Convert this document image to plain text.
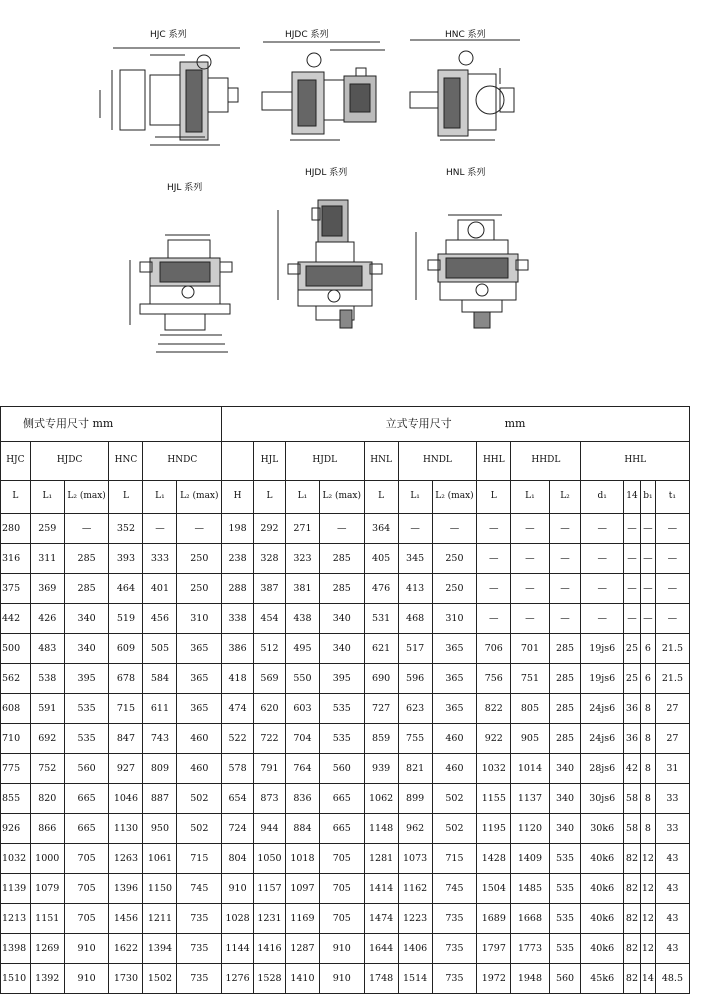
HJC 系列	HJDC 系列	HNC 系列
HJL 系列
HJDL 系列	HNL 系列
侧式专用尺寸 mm						立式专用尺寸 mm													
HJC	HJDC		HNC	HNDC			HJL	HJDL		HNL	HNDL		HHL	HHDL		HHL			
L	L₁	L₂ (max)	L	L₁	L₂ (max)	H	L	L₁	L₂ (max)	L	L₁	L₂ (max)	L	L₁	L₂	d₁	14	b₁	t₁
280	259	—	352	—	—	198	292	271	—	364	—	—	—	—	—	—	—	—	—
316	311	285	393	333	250	238	328	323	285	405	345	250	—	—	—	—	—	—	—
375	369	285	464	401	250	288	387	381	285	476	413	250	—	—	—	—	—	—	—
442	426	340	519	456	310	338	454	438	340	531	468	310	—	—	—	—	—	—	—
500	483	340	609	505	365	386	512	495	340	621	517	365	706	701	285	19js6	25	6	21.5
562	538	395	678	584	365	418	569	550	395	690	596	365	756	751	285	19js6	25	6	21.5
608	591	535	715	611	365	474	620	603	535	727	623	365	822	805	285	24js6	36	8	27
710	692	535	847	743	460	522	722	704	535	859	755	460	922	905	285	24js6	36	8	27
775	752	560	927	809	460	578	791	764	560	939	821	460	1032	1014	340	28js6	42	8	31
855	820	665	1046	887	502	654	873	836	665	1062	899	502	1155	1137	340	30js6	58	8	33
926	866	665	1130	950	502	724	944	884	665	1148	962	502	1195	1120	340	30k6	58	8	33
1032	1000	705	1263	1061	715	804	1050	1018	705	1281	1073	715	1428	1409	535	40k6	82	12	43
1139	1079	705	1396	1150	745	910	1157	1097	705	1414	1162	745	1504	1485	535	40k6	82	12	43
1213	1151	705	1456	1211	735	1028	1231	1169	705	1474	1223	735	1689	1668	535	40k6	82	12	43
1398	1269	910	1622	1394	735	1144	1416	1287	910	1644	1406	735	1797	1773	535	40k6	82	12	43
1510	1392	910	1730	1502	735	1276	1528	1410	910	1748	1514	735	1972	1948	560	45k6	82	14	48.5
